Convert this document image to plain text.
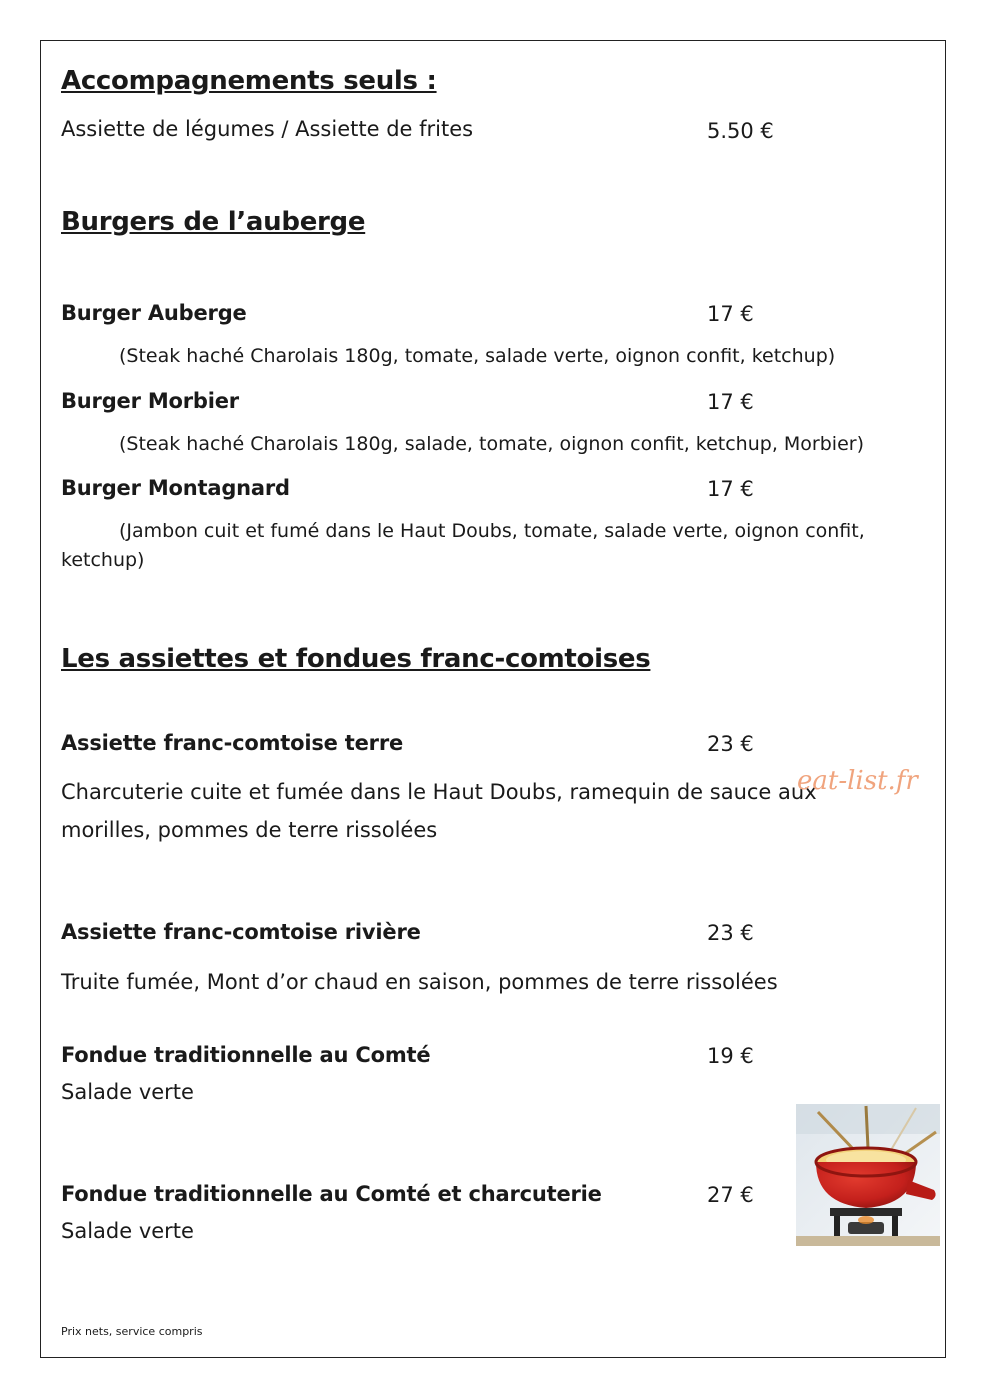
Accompagnements seuls :
Assiette de légumes / Assiette de frites	5.50 €
Burgers de l’auberge
Burger Auberge	17 €
(Steak haché Charolais 180g, tomate, salade verte, oignon confit, ketchup)
Burger Morbier	17 €
(Steak haché Charolais 180g, salade, tomate, oignon confit, ketchup, Morbier)
Burger Montagnard	17 €
(Jambon cuit et fumé dans le Haut Doubs, tomate, salade verte, oignon confit,
ketchup)
Les assiettes et fondues franc-comtoises
Assiette franc-comtoise terre	23 €
Charcuterie cuite et fumée dans le Haut Doubs, ramequin de sauce aux
morilles, pommes de terre rissolées
Assiette franc-comtoise rivière	23 €
Truite fumée, Mont d’or chaud en saison, pommes de terre rissolées
Fondue traditionnelle au Comté	19 €
Salade verte
Fondue traditionnelle au Comté et charcuterie	27 €
Salade verte
eat-list.fr
Prix nets, service compris
